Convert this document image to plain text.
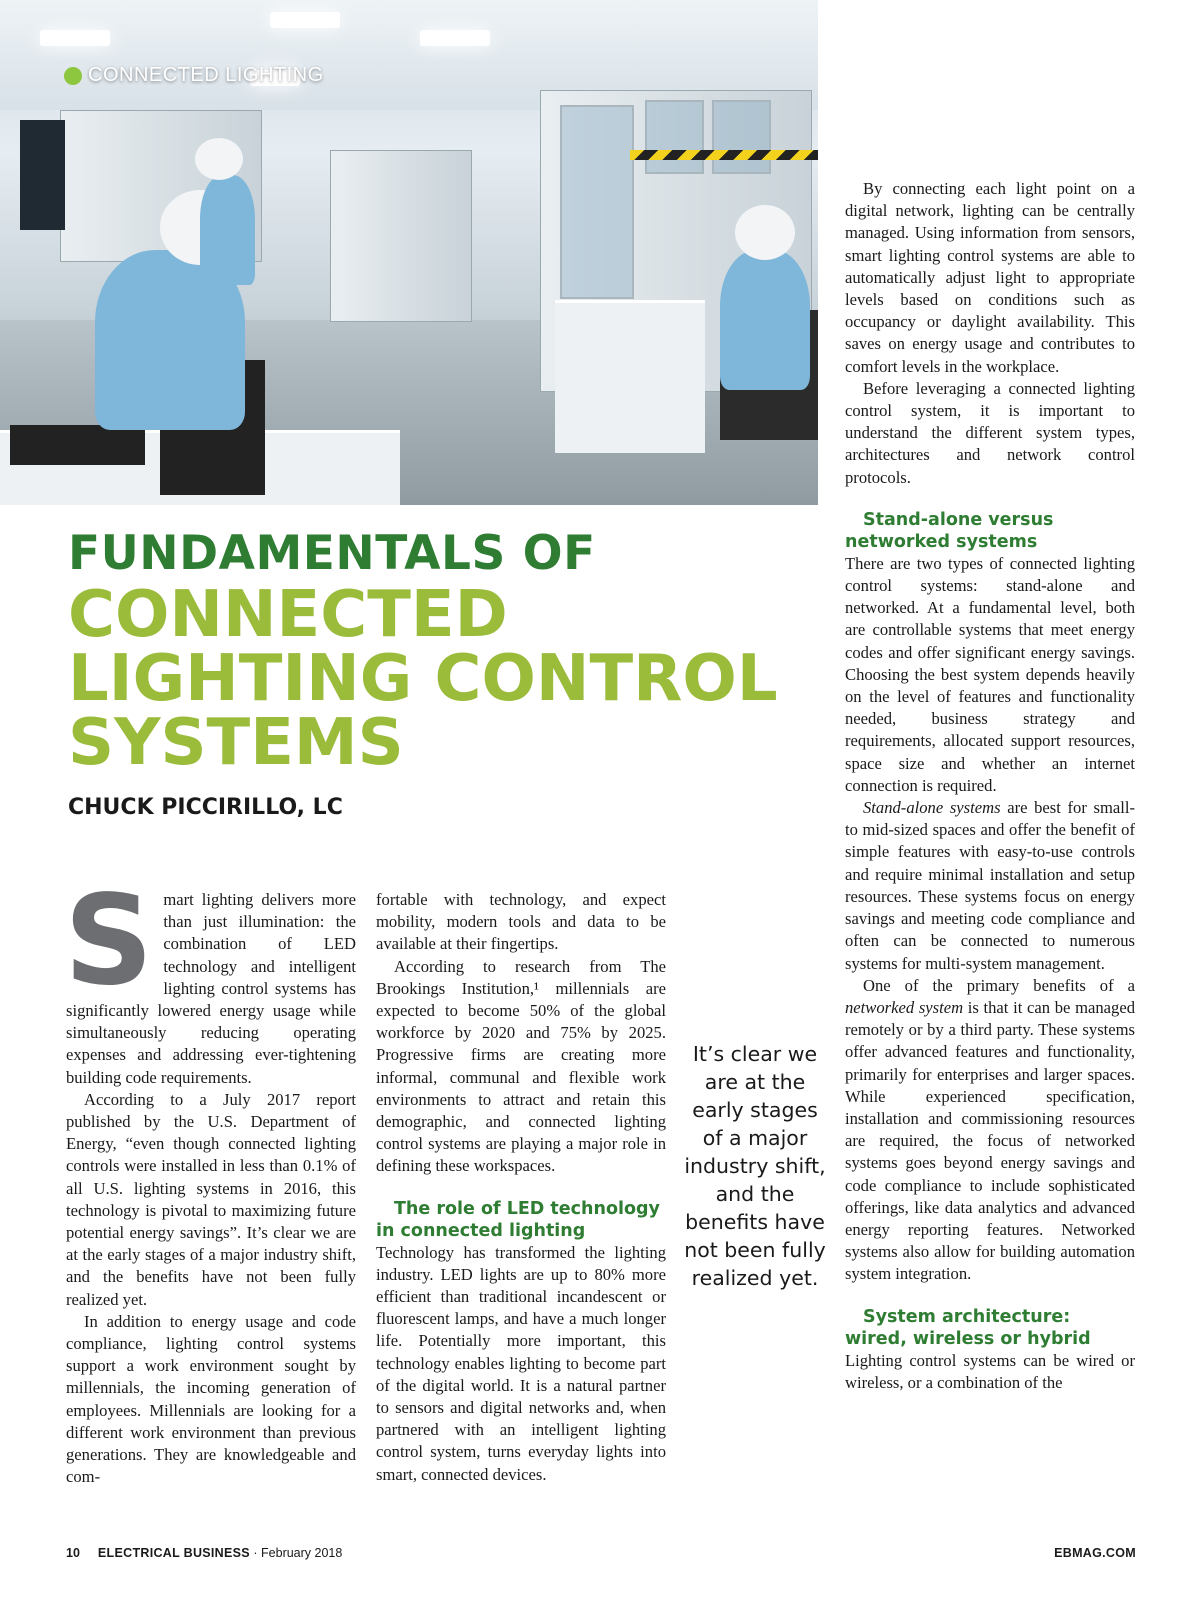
CONNECTED LIGHTING
FUNDAMENTALS OF
CONNECTED LIGHTING CONTROL SYSTEMS
CHUCK PICCIRILLO, LC

Smart lighting delivers more than just illumination: the combination of LED technology and intelligent lighting control systems has significantly lowered energy usage while simultaneously reducing operating expenses and addressing ever-tightening building code requirements.

According to a July 2017 report published by the U.S. Department of Energy, “even though connected lighting controls were installed in less than 0.1% of all U.S. lighting systems in 2016, this technology is pivotal to maximizing future potential energy savings”. It’s clear we are at the early stages of a major industry shift, and the benefits have not been fully realized yet.

In addition to energy usage and code compliance, lighting control systems support a work environment sought by millennials, the incoming generation of employees. Millennials are looking for a different work environment than previous generations. They are knowledgeable and com-

fortable with technology, and expect mobility, modern tools and data to be available at their fingertips.

According to research from The Brookings Institution,¹ millennials are expected to become 50% of the global workforce by 2020 and 75% by 2025. Progressive firms are creating more informal, communal and flexible work environments to attract and retain this demographic, and connected lighting control systems are playing a major role in defining these workspaces.

The role of LED technology in connected lighting

Technology has transformed the lighting industry. LED lights are up to 80% more efficient than traditional incandescent or fluorescent lamps, and have a much longer life. Potentially more important, this technology enables lighting to become part of the digital world. It is a natural partner to sensors and digital networks and, when partnered with an intelligent lighting control system, turns everyday lights into smart, connected devices.

It’s clear we are at the early stages of a major industry shift, and the benefits have not been fully realized yet.

By connecting each light point on a digital network, lighting can be centrally managed. Using information from sensors, smart lighting control systems are able to automatically adjust light to appropriate levels based on conditions such as occupancy or daylight availability. This saves on energy usage and contributes to comfort levels in the workplace.

Before leveraging a connected lighting control system, it is important to understand the different system types, architectures and network control protocols.

Stand-alone versus networked systems

There are two types of connected lighting control systems: stand-alone and networked. At a fundamental level, both are controllable systems that meet energy codes and offer significant energy savings. Choosing the best system depends heavily on the level of features and functionality needed, business strategy and requirements, allocated support resources, space size and whether an internet connection is required.

Stand-alone systems are best for small- to mid-sized spaces and offer the benefit of simple features with easy-to-use controls and require minimal installation and setup resources. These systems focus on energy savings and meeting code compliance and often can be connected to numerous systems for multi-system management.

One of the primary benefits of a networked system is that it can be managed remotely or by a third party. These systems offer advanced features and functionality, primarily for enterprises and larger spaces. While experienced specification, installation and commissioning resources are required, the focus of networked systems goes beyond energy savings and code compliance to include sophisticated offerings, like data analytics and advanced energy reporting features. Networked systems also allow for building automation system integration.

System architecture:
wired, wireless or hybrid

Lighting control systems can be wired or wireless, or a combination of the

10 ELECTRICAL BUSINESS · February 2018	EBMAG.COM
